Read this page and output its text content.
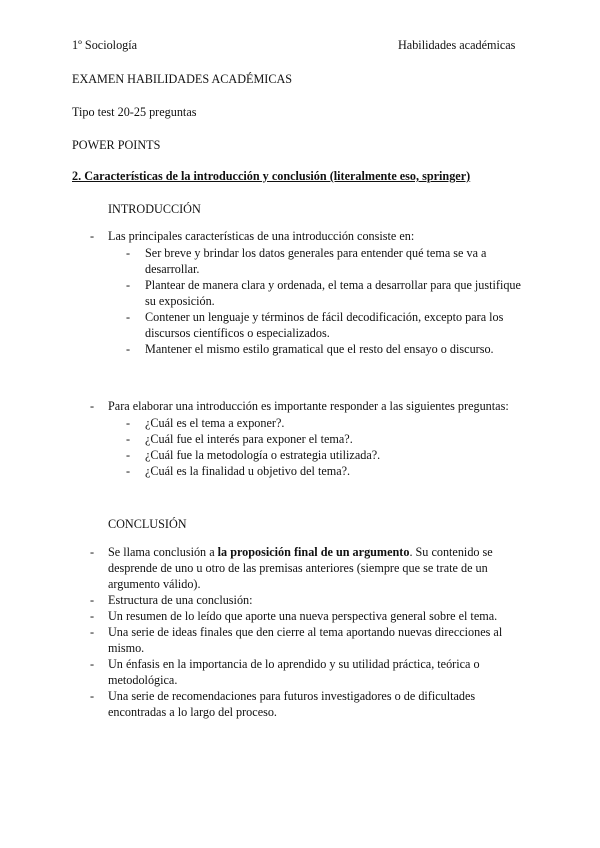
1º Sociología	Habilidades académicas
EXAMEN HABILIDADES ACADÉMICAS
Tipo test 20-25 preguntas
POWER POINTS
2. Características de la introducción y conclusión (literalmente eso, springer)
INTRODUCCIÓN
-	Las principales características de una introducción consiste en:
-	Ser breve y brindar los datos generales para entender qué tema se va a
desarrollar.
-	Plantear de manera clara y ordenada, el tema a desarrollar para que justifique
su exposición.
-	Contener un lenguaje y términos de fácil decodificación, excepto para los
discursos científicos o especializados.
-	Mantener el mismo estilo gramatical que el resto del ensayo o discurso.
-	Para elaborar una introducción es importante responder a las siguientes preguntas:
-	¿Cuál es el tema a exponer?.
-	¿Cuál fue el interés para exponer el tema?.
-	¿Cuál fue la metodología o estrategia utilizada?.
-	¿Cuál es la finalidad u objetivo del tema?.
CONCLUSIÓN
-	Se llama conclusión a la proposición final de un argumento. Su contenido se
desprende de uno u otro de las premisas anteriores (siempre que se trate de un
argumento válido).
-	Estructura de una conclusión:
-	Un resumen de lo leído que aporte una nueva perspectiva general sobre el tema.
-	Una serie de ideas finales que den cierre al tema aportando nuevas direcciones al
mismo.
-	Un énfasis en la importancia de lo aprendido y su utilidad práctica, teórica o
metodológica.
-	Una serie de recomendaciones para futuros investigadores o de dificultades
encontradas a lo largo del proceso.
